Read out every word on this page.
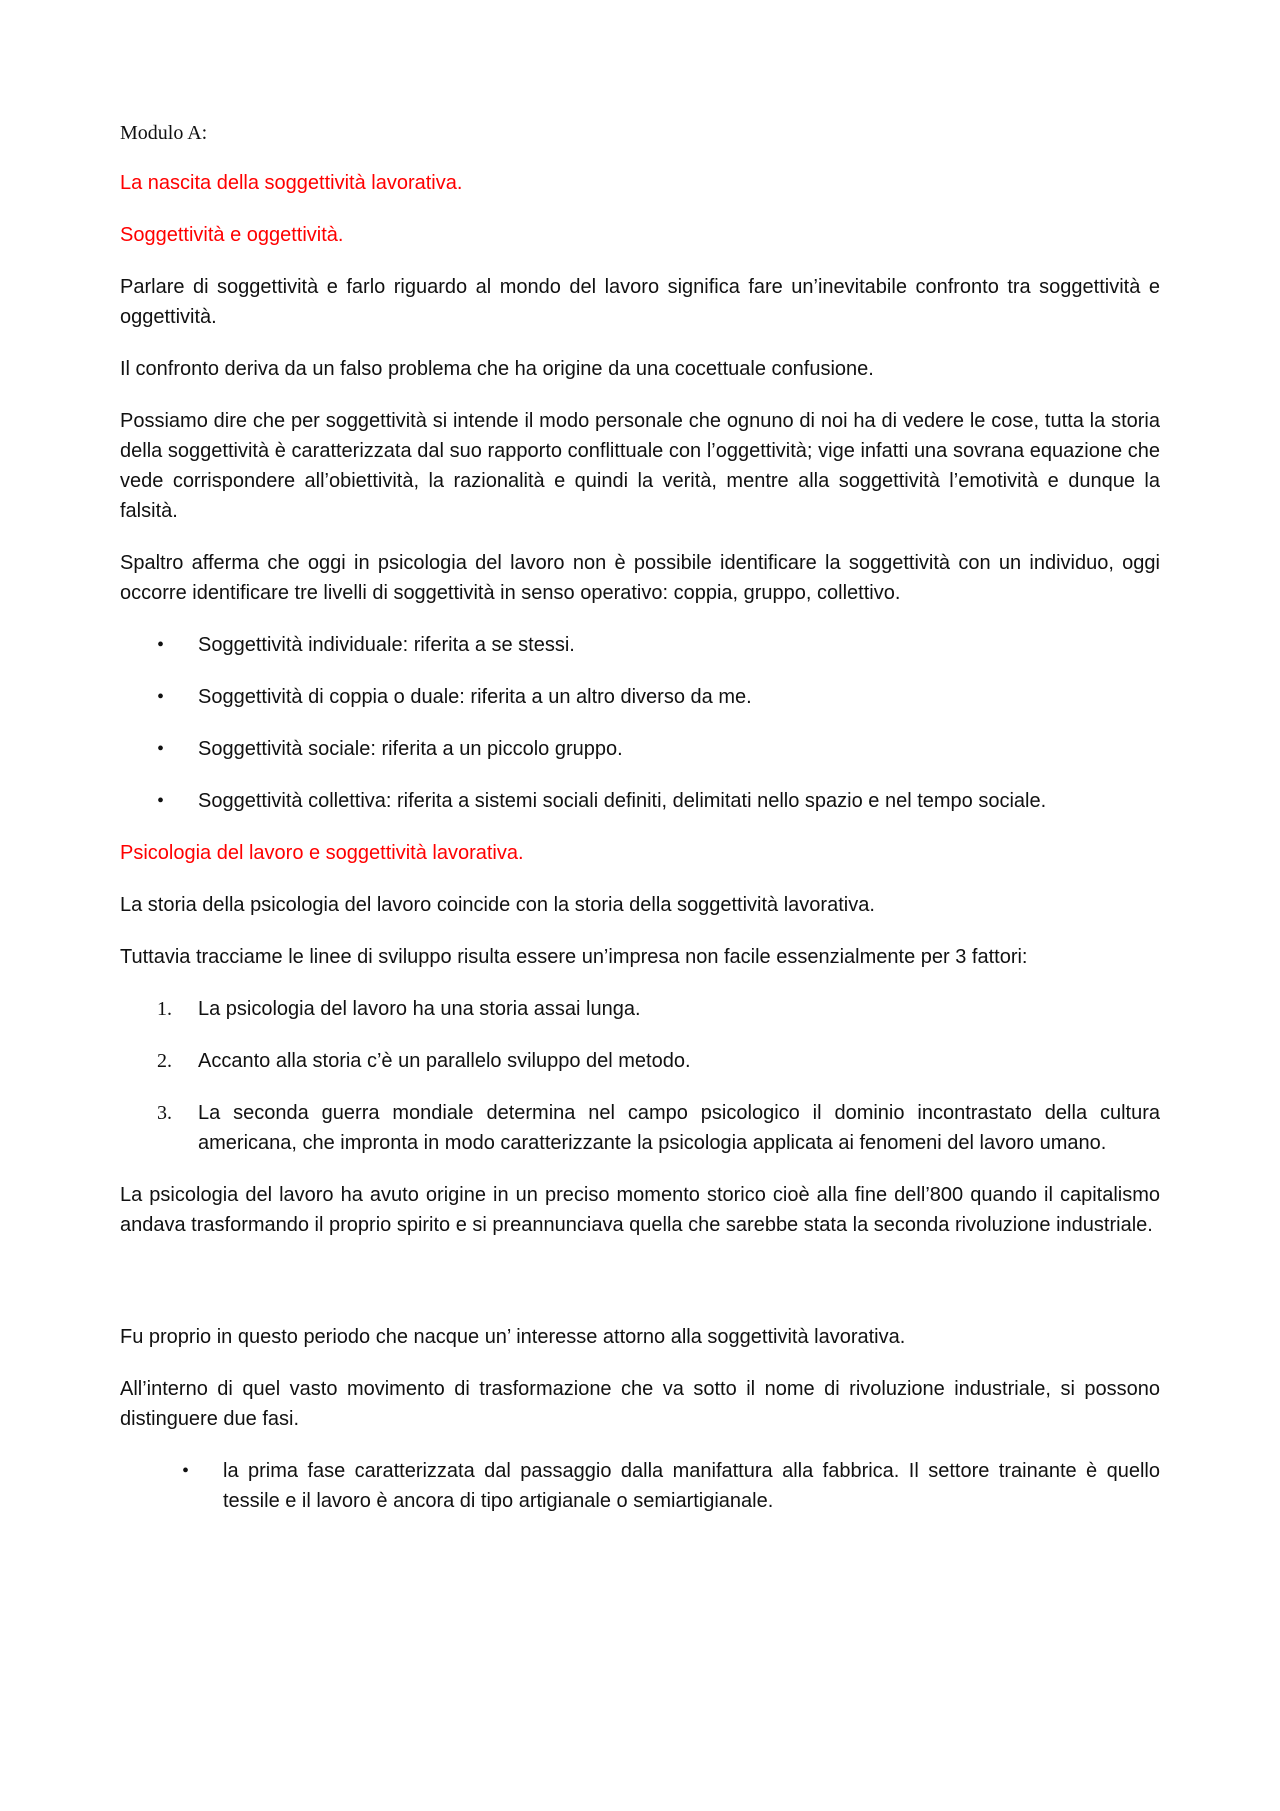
Modulo A:

La nascita della soggettività lavorativa.

Soggettività e oggettività.

Parlare di soggettività e farlo riguardo al mondo del lavoro significa fare un’inevitabile confronto tra soggettività e oggettività.

Il confronto deriva da un falso problema che ha origine da una cocettuale confusione.

Possiamo dire che per soggettività si intende il modo personale che ognuno di noi ha di vedere le cose, tutta la storia della soggettività è caratterizzata dal suo rapporto conflittuale con l’oggettività; vige infatti una sovrana equazione che vede corrispondere all’obiettività, la razionalità e quindi la verità, mentre alla soggettività l’emotività e dunque la falsità.

Spaltro afferma che oggi in psicologia del lavoro non è possibile identificare la soggettività con un individuo, oggi occorre identificare tre livelli di soggettività in senso operativo: coppia, gruppo, collettivo.

• Soggettività individuale: riferita a se stessi.
• Soggettività di coppia o duale: riferita a un altro diverso da me.
• Soggettività sociale: riferita a un piccolo gruppo.
• Soggettività collettiva: riferita a sistemi sociali definiti, delimitati nello spazio e nel tempo sociale.

Psicologia del lavoro e soggettività lavorativa.

La storia della psicologia del lavoro coincide con la storia della soggettività lavorativa.

Tuttavia tracciame le linee di sviluppo risulta essere un’impresa non facile essenzialmente per 3 fattori:

1. La psicologia del lavoro ha una storia assai lunga.
2. Accanto alla storia c’è un parallelo sviluppo del metodo.
3. La seconda guerra mondiale determina nel campo psicologico il dominio incontrastato della cultura americana, che impronta in modo caratterizzante la psicologia applicata ai fenomeni del lavoro umano.

La psicologia del lavoro ha avuto origine in un preciso momento storico cioè alla fine dell’800 quando il capitalismo andava trasformando il proprio spirito e si preannunciava quella che sarebbe stata la seconda rivoluzione industriale.

Fu proprio in questo periodo che nacque un’ interesse attorno alla soggettività lavorativa.

All’interno di quel vasto movimento di trasformazione che va sotto il nome di rivoluzione industriale, si possono distinguere due fasi.

• la prima fase caratterizzata dal passaggio dalla manifattura alla fabbrica. Il settore trainante è quello tessile e il lavoro è ancora di tipo artigianale o semiartigianale.
